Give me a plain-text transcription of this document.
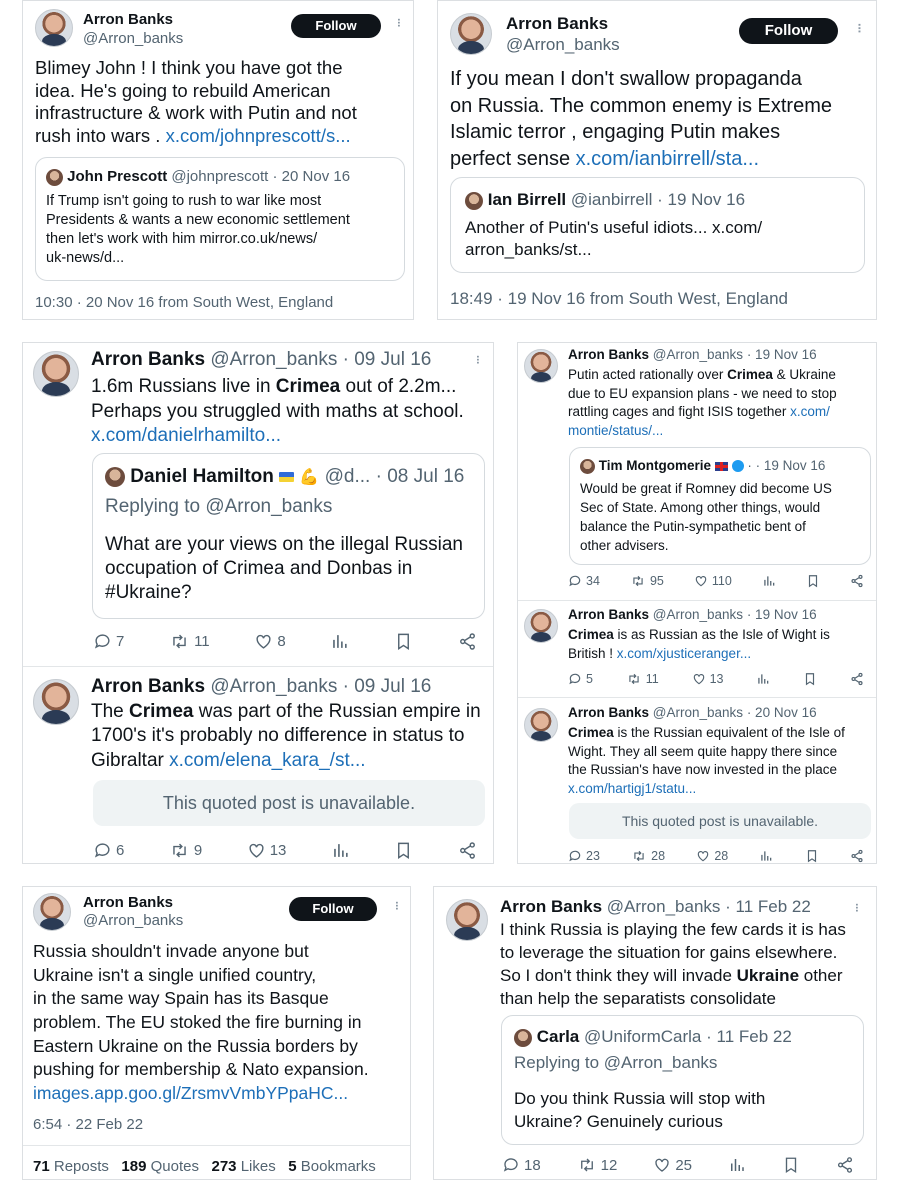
Arron Banks
@Arron_banks
Follow	···
Blimey John ! I think you have got the
idea. He's going to rebuild American
infrastructure & work with Putin and not
rush into wars . x.com/johnprescott/s...
John Prescott @johnprescott · 20 Nov 16
If Trump isn't going to rush to war like most
Presidents & wants a new economic settlement
then let's work with him mirror.co.uk/news/
uk-news/d...
10:30 · 20 Nov 16 from South West, England
Arron Banks
@Arron_banks
Follow	···
If you mean I don't swallow propaganda
on Russia. The common enemy is Extreme
Islamic terror , engaging Putin makes
perfect sense x.com/ianbirrell/sta...
Ian Birrell @ianbirrell · 19 Nov 16
Another of Putin's useful idiots... x.com/
arron_banks/st...
18:49 · 19 Nov 16 from South West, England
Arron Banks @Arron_banks · 09 Jul 16	···
1.6m Russians live in Crimea out of 2.2m...
Perhaps you struggled with maths at school.
x.com/danielrhamilto...
Daniel Hamilton 💪 @d... · 08 Jul 16
Replying to @Arron_banks
What are your views on the illegal Russian
occupation of Crimea and Donbas in
#Ukraine?
7	11	8
Arron Banks @Arron_banks · 09 Jul 16
The Crimea was part of the Russian empire in
1700's it's probably no difference in status to
Gibraltar x.com/elena_kara_/st...
This quoted post is unavailable.
6	9	13
Arron Banks @Arron_banks · 19 Nov 16
Putin acted rationally over Crimea & Ukraine
due to EU expansion plans - we need to stop
rattling cages and fight ISIS together x.com/
montie/status/...
Tim Montgomerie	· · 19 Nov 16
Would be great if Romney did become US
Sec of State. Among other things, would
balance the Putin-sympathetic bent of
other advisers.
34	95	110
Arron Banks @Arron_banks · 19 Nov 16
Crimea is as Russian as the Isle of Wight is
British ! x.com/xjusticeranger...
5	11	13
Arron Banks @Arron_banks · 20 Nov 16
Crimea is the Russian equivalent of the Isle of
Wight. They all seem quite happy there since
the Russian's have now invested in the place
x.com/hartigj1/statu...
This quoted post is unavailable.
23	28	28
Arron Banks
@Arron_banks
Follow	···
Russia shouldn't invade anyone but
Ukraine isn't a single unified country,
in the same way Spain has its Basque
problem. The EU stoked the fire burning in
Eastern Ukraine on the Russia borders by
pushing for membership & Nato expansion.
images.app.goo.gl/ZrsmvVmbYPpaHC...
6:54 · 22 Feb 22
71 Reposts 189 Quotes 273 Likes 5 Bookmarks
Arron Banks @Arron_banks · 11 Feb 22	···
I think Russia is playing the few cards it is has
to leverage the situation for gains elsewhere.
So I don't think they will invade Ukraine other
than help the separatists consolidate
Carla @UniformCarla · 11 Feb 22
Replying to @Arron_banks
Do you think Russia will stop with
Ukraine? Genuinely curious
18	12	25
